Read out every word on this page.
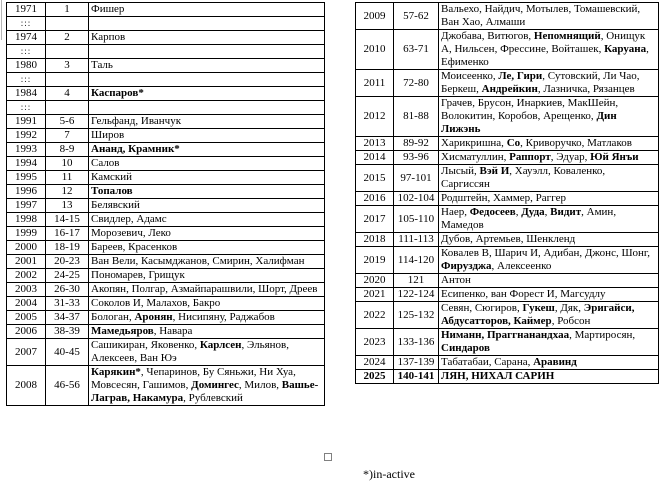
1971	1	Фишер
:::		
1974	2	Карпов
:::		
1980	3	Таль
:::		
1984	4	Каспаров*
:::		
1991	5-6	Гельфанд, Иванчук
1992	7	Широв
1993	8-9	Ананд, Крамник*
1994	10	Салов
1995	11	Камский
1996	12	Топалов
1997	13	Белявский
1998	14-15	Свидлер, Адамс
1999	16-17	Морозевич, Леко
2000	18-19	Бареев, Красенков
2001	20-23	Ван Вели, Касымджанов, Смирин, Халифман
2002	24-25	Пономарев, Грищук
2003	26-30	Акопян, Полгар, Азмайпарашвили, Шорт, Дреев
2004	31-33	Соколов И, Малахов, Бакро
2005	34-37	Бологан, Аронян, Нисипяну, Раджабов
2006	38-39	Мамедьяров, Навара
2007	40-45	Сашикиран, Яковенко, Карлсен, Эльянов, Алексеев, Ван Юэ
2008	46-56	Карякин*, Чепаринов, Бу Сяньжи, Ни Хуа, Мовсесян, Гашимов, Домингес, Милов, Вашье-Лаграв, Накамура, Рублевский
2009	57-62	Вальехо, Найдич, Мотылев, Томашевский, Ван Хао, Алмаши
2010	63-71	Джобава, Витюгов, Непомнящий, Онищук А, Нильсен, Фрессине, Войташек, Каруана, Ефименко
2011	72-80	Моисеенко, Ле, Гири, Сутовский, Ли Чао, Беркеш, Андрейкин, Лазничка, Рязанцев
2012	81-88	Грачев, Брусон, Инаркиев, МакШейн, Волокитин, Коробов, Арещенко, Дин Лижэнь
2013	89-92	Харикришна, Со, Криворучко, Матлаков
2014	93-96	Хисматуллин, Раппорт, Эдуар, Юй Янъи
2015	97-101	Лысый, Вэй И, Хауэлл, Коваленко, Саргиссян
2016	102-104	Родштейн, Хаммер, Раггер
2017	105-110	Наер, Федосеев, Дуда, Видит, Амин, Мамедов
2018	111-113	Дубов, Артемьев, Шенкленд
2019	114-120	Ковалев В, Шарич И, Адибан, Джонс, Шонг, Фирузджа, Алексеенко
2020	121	Антон
2021	122-124	Есипенко, ван Форест И, Магсудлу
2022	125-132	Севян, Сюгиров, Гукеш, Дяк, Эригайси, Абдусатторов, Каймер, Робсон
2023	133-136	Ниманн, Праггнанандхаа, Мартиросян, Синдаров
2024	137-139	Табатабаи, Сарана, Аравинд
2025	140-141	ЛЯН, НИХАЛ САРИН
*)in-active
